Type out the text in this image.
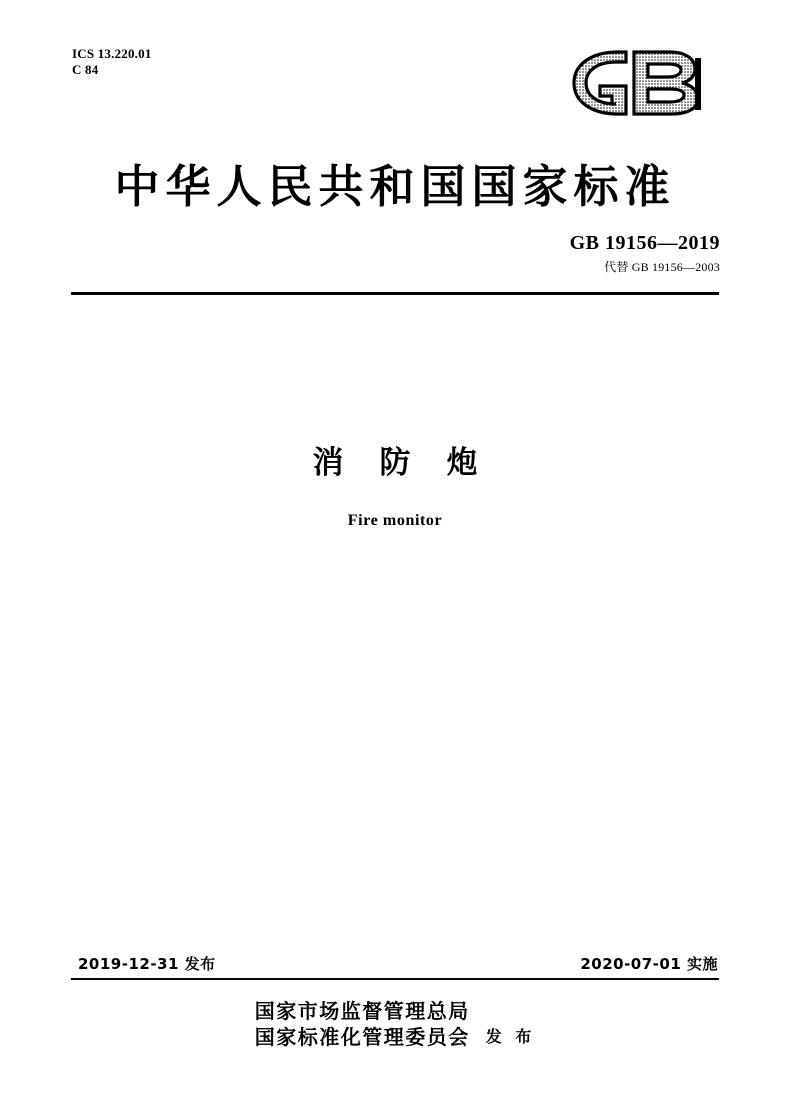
ICS 13.220.01
C 84
中华人民共和国国家标准
GB 19156—2019
代替 GB 19156—2003
消防炮
Fire monitor
2019-12-31 发布	2020-07-01 实施
国家市场监督管理总局
国家标准化管理委员会 发 布
